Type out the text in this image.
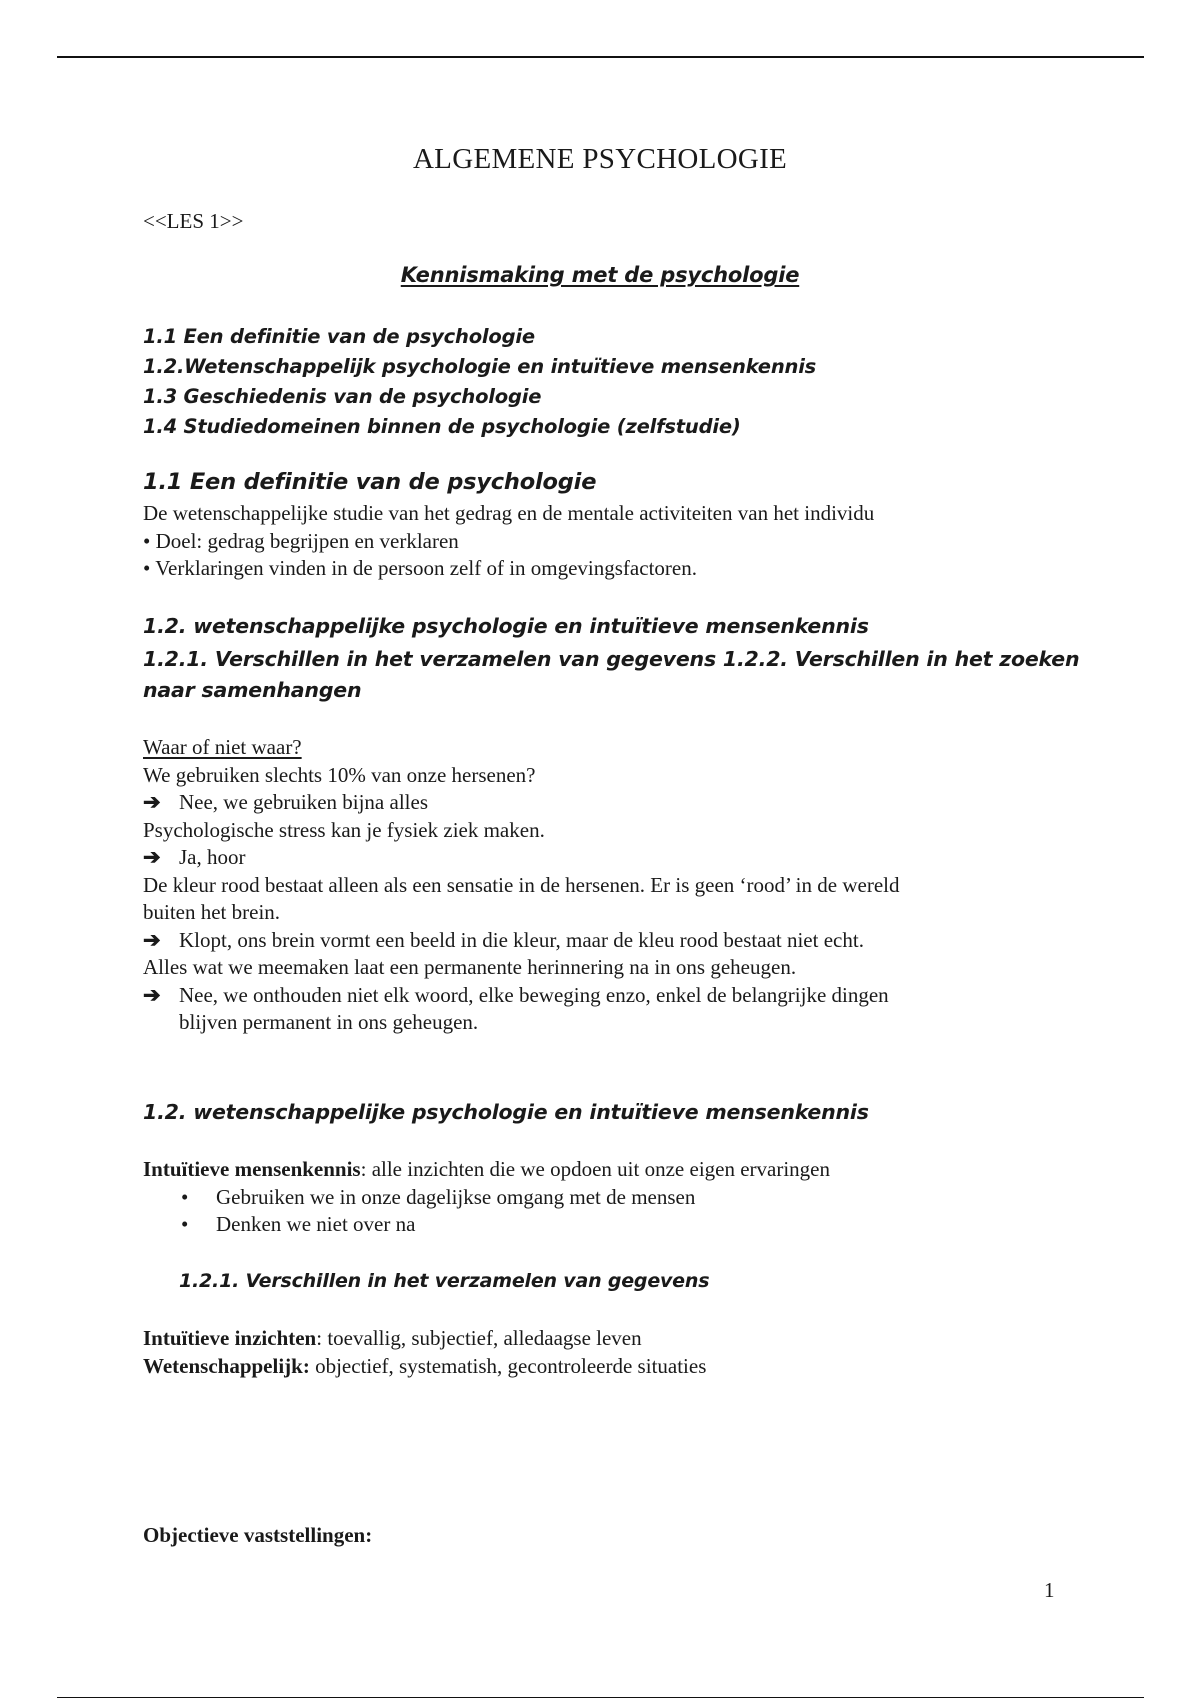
ALGEMENE PSYCHOLOGIE
<<LES 1>>
Kennismaking met de psychologie
1.1 Een definitie van de psychologie
1.2.Wetenschappelijk psychologie en intuïtieve mensenkennis
1.3 Geschiedenis van de psychologie
1.4 Studiedomeinen binnen de psychologie (zelfstudie)
1.1 Een definitie van de psychologie
De wetenschappelijke studie van het gedrag en de mentale activiteiten van het individu
• Doel: gedrag begrijpen en verklaren
• Verklaringen vinden in de persoon zelf of in omgevingsfactoren.
1.2. wetenschappelijke psychologie en intuïtieve mensenkennis
1.2.1. Verschillen in het verzamelen van gegevens 1.2.2. Verschillen in het zoeken
naar samenhangen
Waar of niet waar?
We gebruiken slechts 10% van onze hersenen?
➔ Nee, we gebruiken bijna alles
Psychologische stress kan je fysiek ziek maken.
➔ Ja, hoor
De kleur rood bestaat alleen als een sensatie in de hersenen. Er is geen ‘rood’ in de wereld
buiten het brein.
➔ Klopt, ons brein vormt een beeld in die kleur, maar de kleu rood bestaat niet echt.
Alles wat we meemaken laat een permanente herinnering na in ons geheugen.
➔ Nee, we onthouden niet elk woord, elke beweging enzo, enkel de belangrijke dingen
blijven permanent in ons geheugen.
1.2. wetenschappelijke psychologie en intuïtieve mensenkennis
Intuïtieve mensenkennis: alle inzichten die we opdoen uit onze eigen ervaringen
• Gebruiken we in onze dagelijkse omgang met de mensen
• Denken we niet over na
1.2.1. Verschillen in het verzamelen van gegevens
Intuïtieve inzichten: toevallig, subjectief, alledaagse leven
Wetenschappelijk: objectief, systematish, gecontroleerde situaties
Objectieve vaststellingen:
1
